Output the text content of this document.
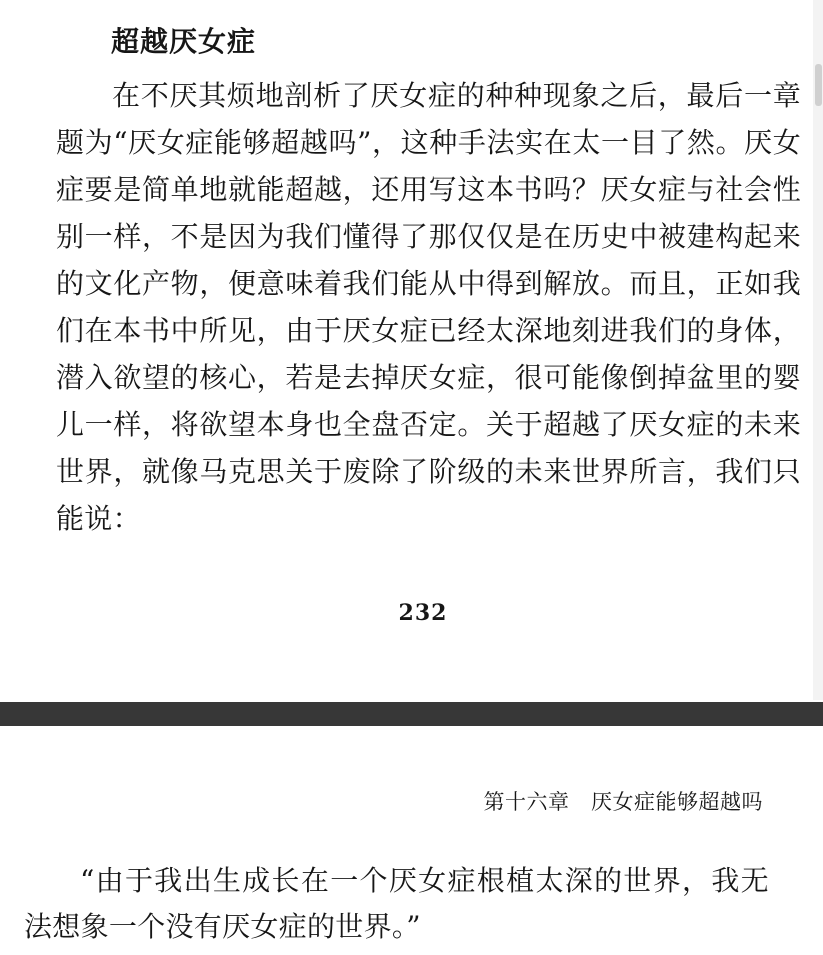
超越厌女症

在不厌其烦地剖析了厌女症的种种现象之后，最后一章题为“厌女症能够超越吗”，这种手法实在太一目了然。厌女症要是简单地就能超越，还用写这本书吗？厌女症与社会性别一样，不是因为我们懂得了那仅仅是在历史中被建构起来的文化产物，便意味着我们能从中得到解放。而且，正如我们在本书中所见，由于厌女症已经太深地刻进我们的身体，潜入欲望的核心，若是去掉厌女症，很可能像倒掉盆里的婴儿一样，将欲望本身也全盘否定。关于超越了厌女症的未来世界，就像马克思关于废除了阶级的未来世界所言，我们只能说：

232
第十六章　厌女症能够超越吗

“由于我出生成长在一个厌女症根植太深的世界，我无法想象一个没有厌女症的世界。”
